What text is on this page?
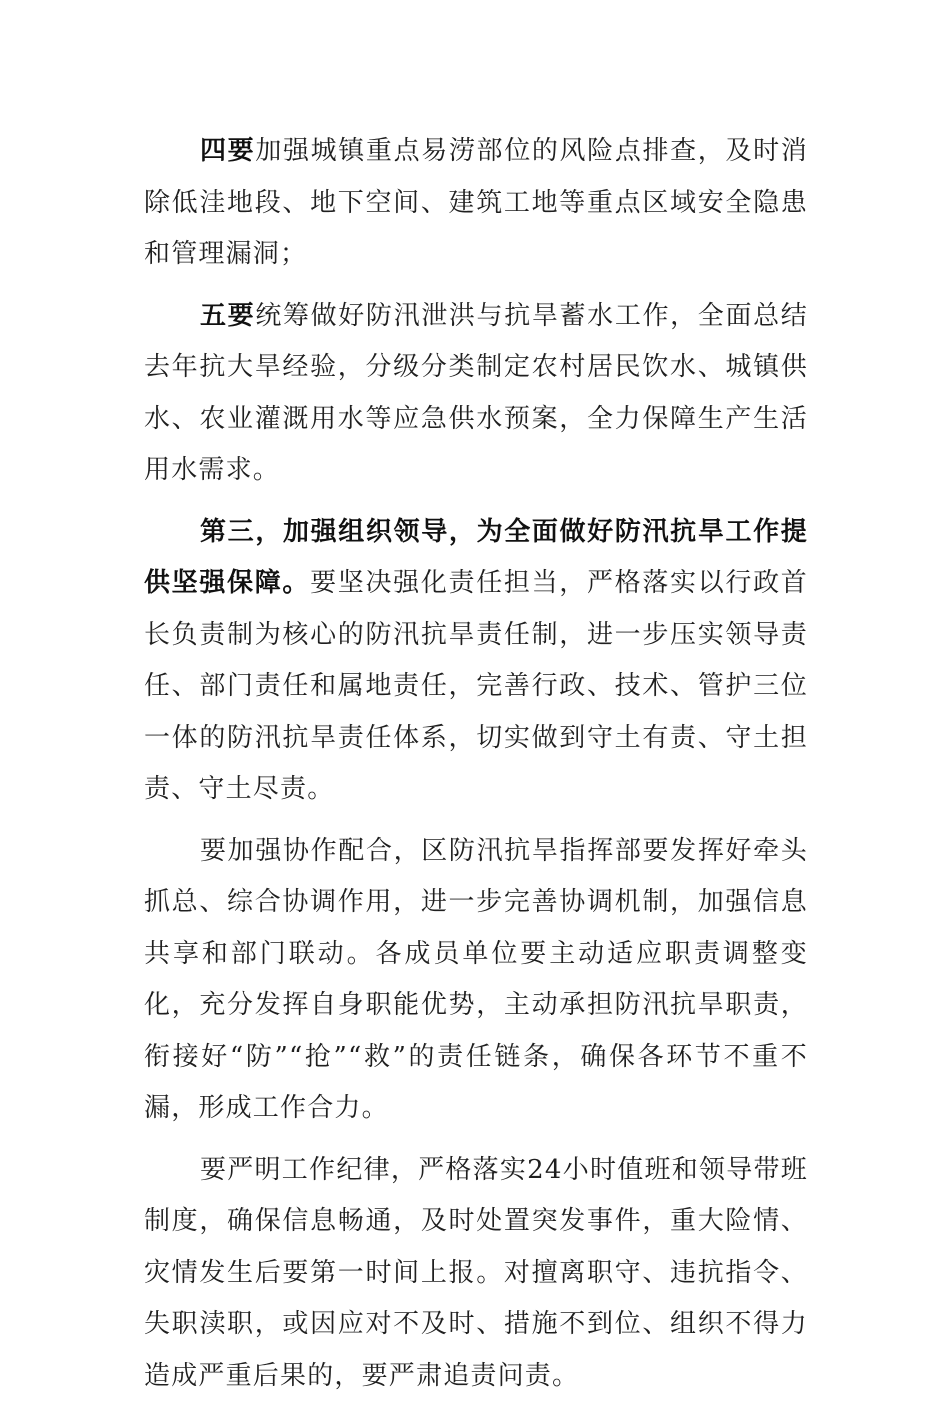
四要加强城镇重点易涝部位的风险点排查，及时消除低洼地段、地下空间、建筑工地等重点区域安全隐患和管理漏洞；

五要统筹做好防汛泄洪与抗旱蓄水工作，全面总结去年抗大旱经验，分级分类制定农村居民饮水、城镇供水、农业灌溉用水等应急供水预案，全力保障生产生活用水需求。

第三，加强组织领导，为全面做好防汛抗旱工作提供坚强保障。要坚决强化责任担当，严格落实以行政首长负责制为核心的防汛抗旱责任制，进一步压实领导责任、部门责任和属地责任，完善行政、技术、管护三位一体的防汛抗旱责任体系，切实做到守土有责、守土担责、守土尽责。

要加强协作配合，区防汛抗旱指挥部要发挥好牵头抓总、综合协调作用，进一步完善协调机制，加强信息共享和部门联动。各成员单位要主动适应职责调整变化，充分发挥自身职能优势，主动承担防汛抗旱职责，衔接好“防”“抢”“救”的责任链条，确保各环节不重不漏，形成工作合力。

要严明工作纪律，严格落实24小时值班和领导带班制度，确保信息畅通，及时处置突发事件，重大险情、灾情发生后要第一时间上报。对擅离职守、违抗指令、失职渎职，或因应对不及时、措施不到位、组织不得力造成严重后果的，要严肃追责问责。
